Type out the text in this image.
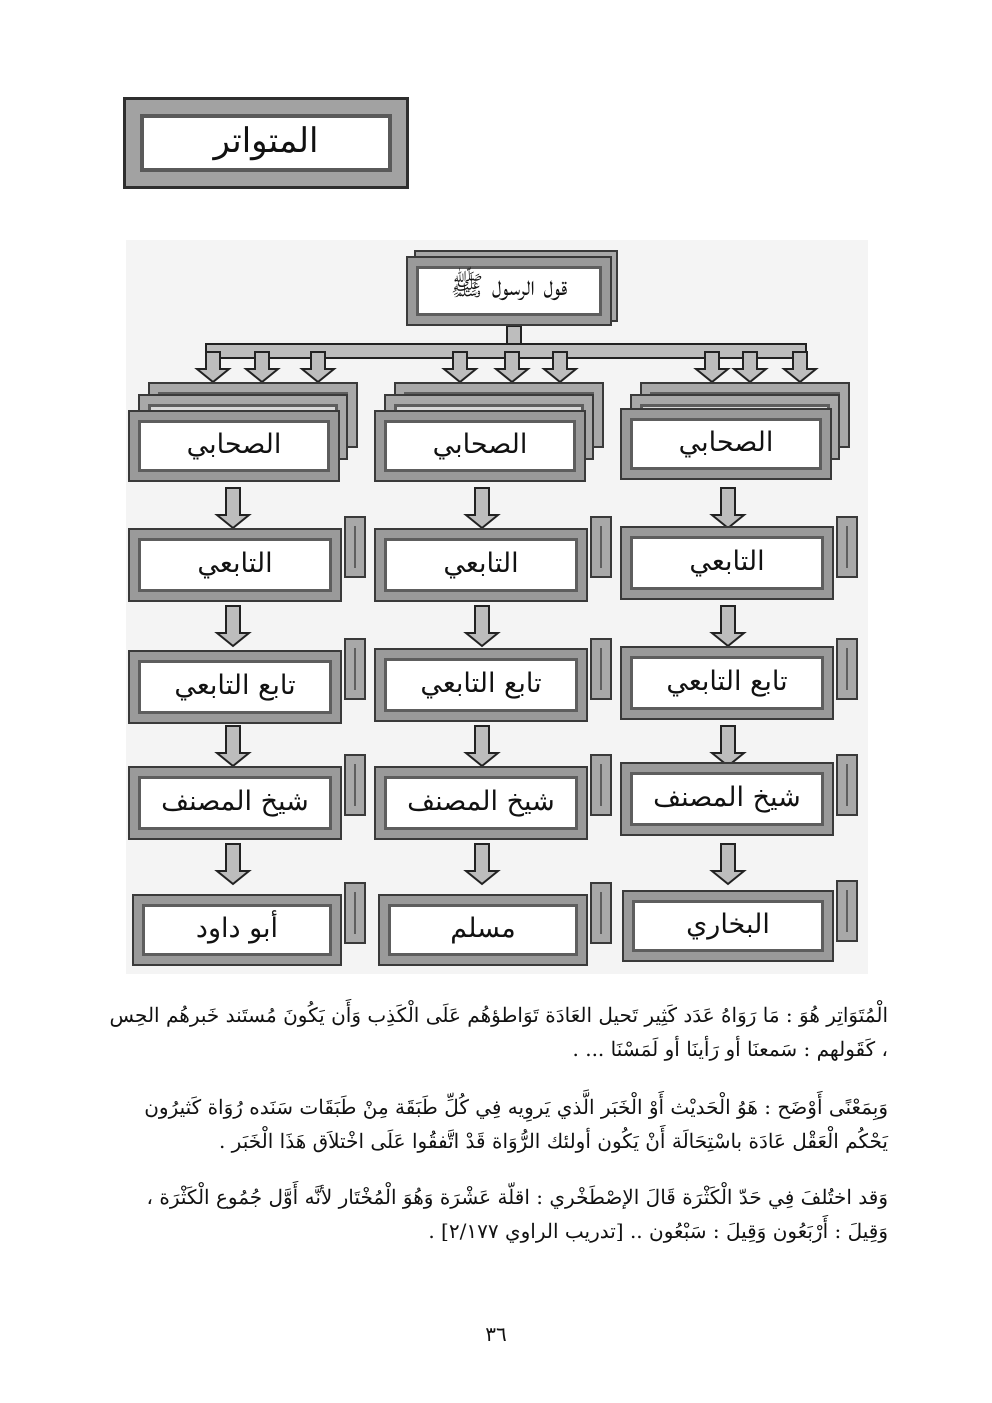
المتواتر
قول الرسول ﷺ
الصحابي	الصحابي	الصحابي
التابعي	التابعي	التابعي
تابع التابعي	تابع التابعي	تابع التابعي
شيخ المصنف	شيخ المصنف	شيخ المصنف
أبو داود	مسلم	البخاري
الْمُتَوَاتِر هُوَ : مَا رَوَاهُ عَدَد كَثِير تَحيل العَادَة تَوَاطؤهُم عَلَى الْكَذِب وَأَن يَكُونَ مُستَند خَبرهُم الحِس ، كَقَولهم : سَمعنَا أو رَأينَا أو لَمَسْنَا ... .
وَبِمَعْنًى أَوْضَح : هَوُ الْحَديْث أَوْ الْخَبَر الَّذي يَروِيه فِي كُلِّ طَبَقَة مِنْ طَبَقَات سَنَده رُوَاة كَثيرُون يَحْكُم الْعَقْل عَادَة باسْتِحَالَة أَنْ يَكُون أولئك الرُّوَاة قَدْ اتَّفقُوا عَلَى اخْتلاَق هَذَا الْخَبَر .
وَقد اختُلفَ فِي حَدّ الْكَثْرَة قَالَ الإصْطَخْري : اقلّة عَشْرَة وَهُوَ الْمُخْتَار لأنَّه أَوَّل جُمُوع الْكَثْرَة ، وَقِيلَ : أَرْبَعُون وَقِيلَ : سَبْعُون .. [تدريب الراوي ٢/١٧٧] .
٣٦
